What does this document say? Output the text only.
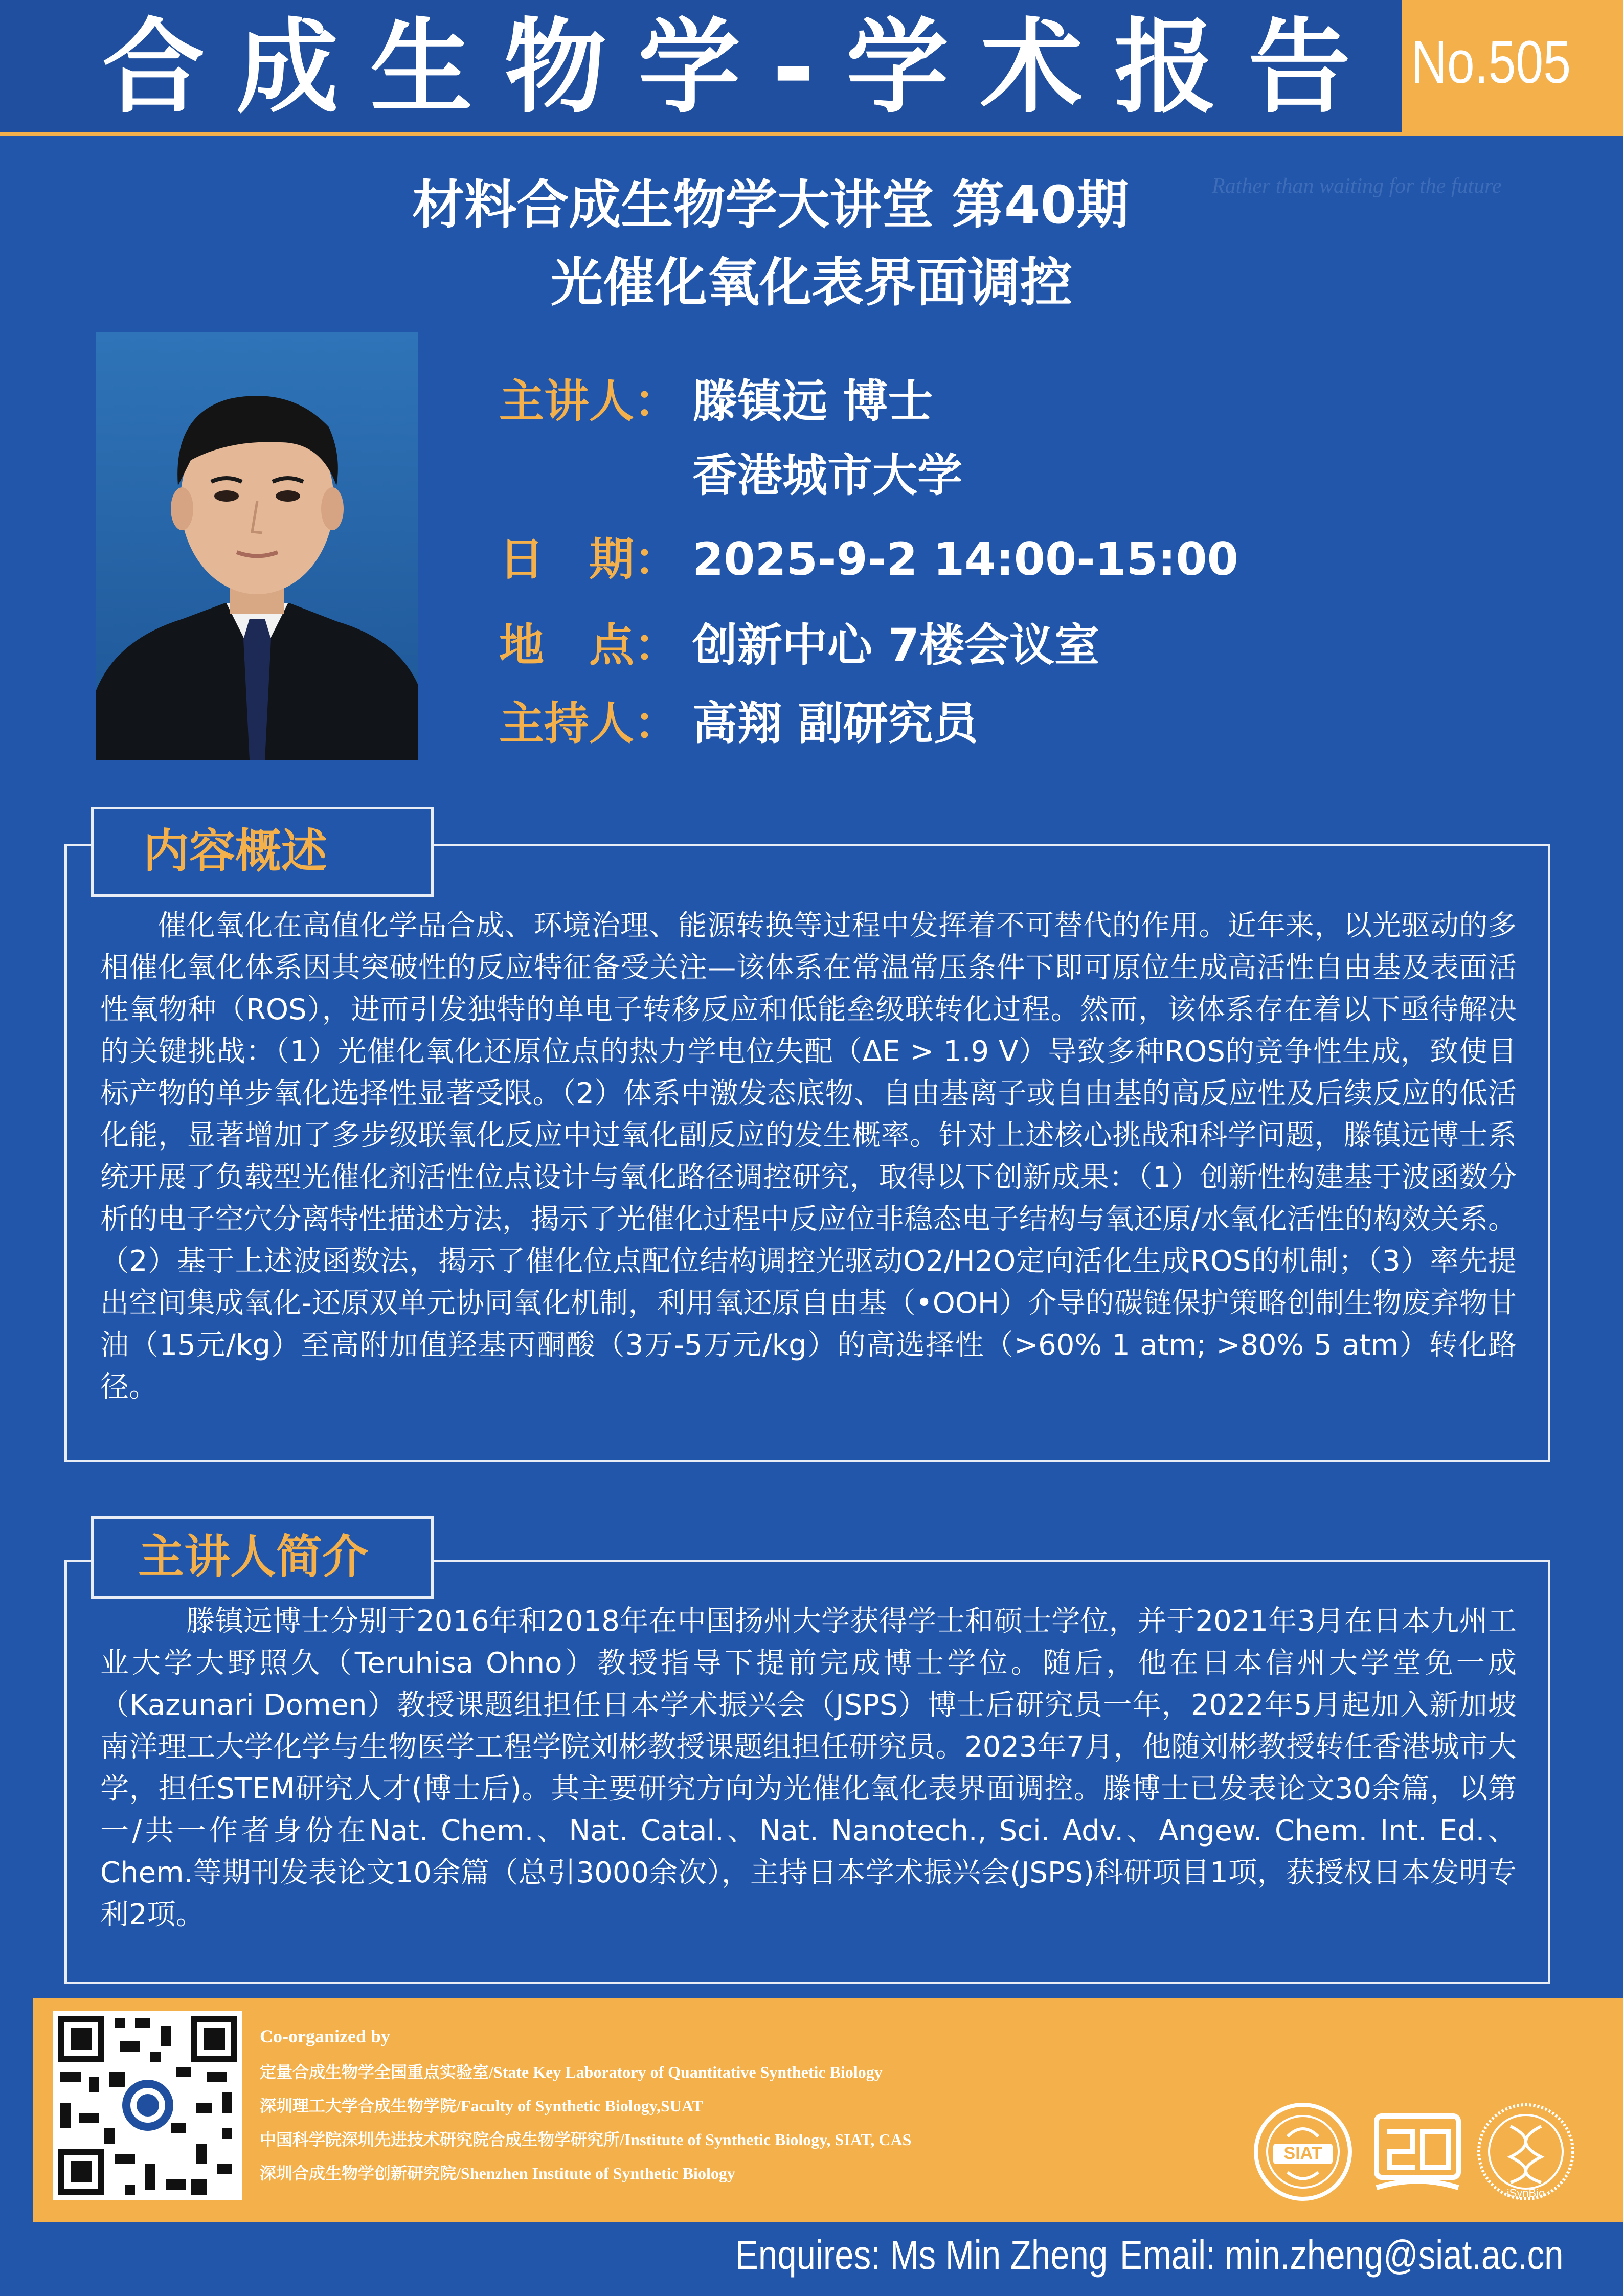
合成生物学-学术报告 No.505
材料合成生物学大讲堂 第40期	Rather than waiting for the future
光催化氧化表界面调控
主讲人： 滕镇远 博士
香港城市大学
日　期： 2025-9-2 14:00-15:00
地　点： 创新中心 7楼会议室
主持人： 高翔 副研究员
内容概述
催化氧化在高值化学品合成、环境治理、能源转换等过程中发挥着不可替代的作用。近年来，以光驱动的多相催化氧化体系因其突破性的反应特征备受关注—该体系在常温常压条件下即可原位生成高活性自由基及表面活性氧物种（ROS），进而引发独特的单电子转移反应和低能垒级联转化过程。然而，该体系存在着以下亟待解决的关键挑战：（1）光催化氧化还原位点的热力学电位失配（ΔE > 1.9 V）导致多种ROS的竞争性生成，致使目标产物的单步氧化选择性显著受限。（2）体系中激发态底物、自由基离子或自由基的高反应性及后续反应的低活化能，显著增加了多步级联氧化反应中过氧化副反应的发生概率。针对上述核心挑战和科学问题，滕镇远博士系统开展了负载型光催化剂活性位点设计与氧化路径调控研究，取得以下创新成果：（1）创新性构建基于波函数分析的电子空穴分离特性描述方法，揭示了光催化过程中反应位非稳态电子结构与氧还原/水氧化活性的构效关系。（2）基于上述波函数法，揭示了催化位点配位结构调控光驱动O2/H2O定向活化生成ROS的机制；（3）率先提出空间集成氧化-还原双单元协同氧化机制，利用氧还原自由基（•OOH）介导的碳链保护策略创制生物废弃物甘油（15元/kg）至高附加值羟基丙酮酸（3万-5万元/kg）的高选择性（>60% 1 atm; >80% 5 atm）转化路径。
主讲人简介
滕镇远博士分别于2016年和2018年在中国扬州大学获得学士和硕士学位，并于2021年3月在日本九州工业大学大野照久（Teruhisa Ohno）教授指导下提前完成博士学位。随后，他在日本信州大学堂免一成（Kazunari Domen）教授课题组担任日本学术振兴会（JSPS）博士后研究员一年，2022年5月起加入新加坡南洋理工大学化学与生物医学工程学院刘彬教授课题组担任研究员。2023年7月，他随刘彬教授转任香港城市大学，担任STEM研究人才(博士后)。其主要研究方向为光催化氧化表界面调控。滕博士已发表论文30余篇，以第一/共一作者身份在Nat. Chem.、Nat. Catal.、Nat. Nanotech., Sci. Adv.、Angew. Chem. Int. Ed.、Chem.等期刊发表论文10余篇（总引3000余次），主持日本学术振兴会(JSPS)科研项目1项，获授权日本发明专利2项。
Co-organized by
定量合成生物学全国重点实验室/State Key Laboratory of Quantitative Synthetic Biology
深圳理工大学合成生物学院/Faculty of Synthetic Biology,SUAT
中国科学院深圳先进技术研究院合成生物学研究所/Institute of Synthetic Biology, SIAT, CAS
深圳合成生物学创新研究院/Shenzhen Institute of Synthetic Biology
SIAT
iSynBio
Enquires: Ms Min Zheng Email: min.zheng@siat.ac.cn
